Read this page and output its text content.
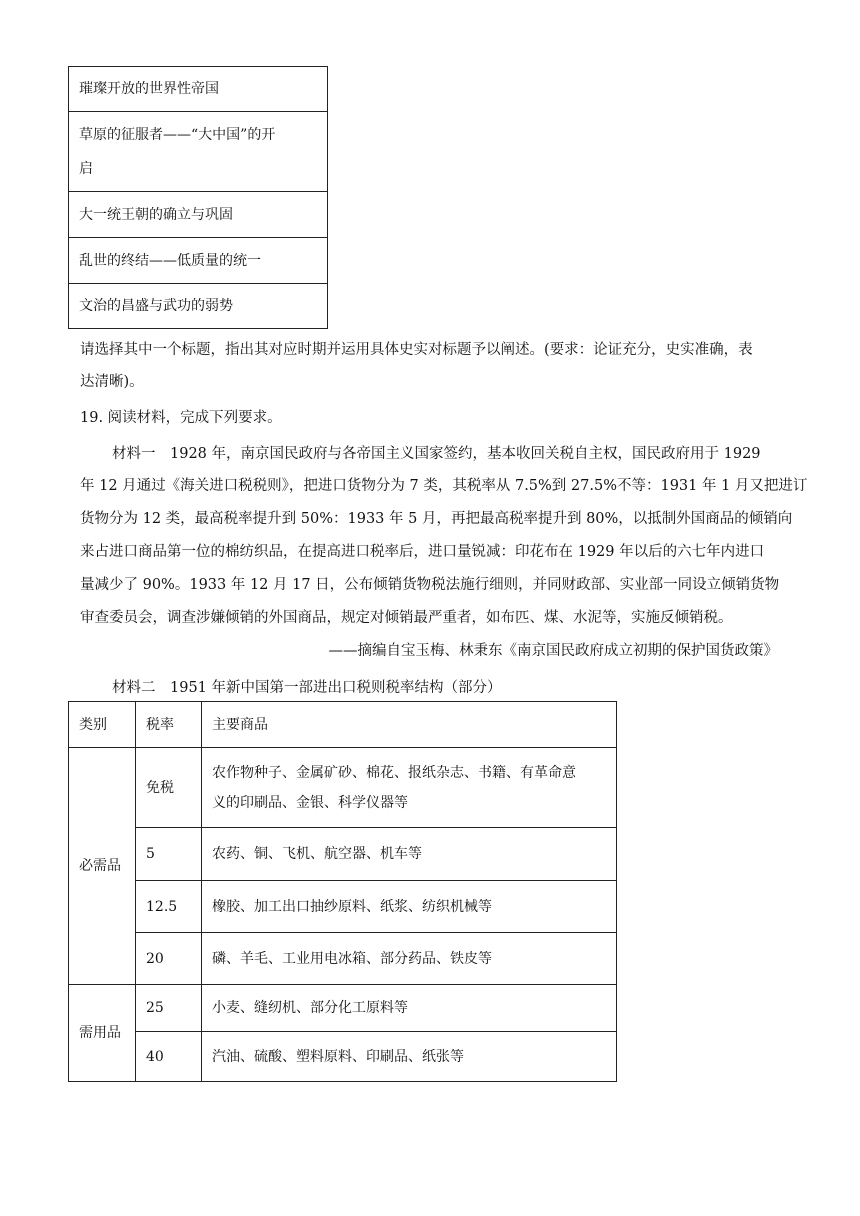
璀璨开放的世界性帝国

草原的征服者——“大中国”的开
启

大一统王朝的确立与巩固
乱世的终结——低质量的统一
文治的昌盛与武功的弱势
请选择其中一个标题，指出其对应时期并运用具体史实对标题予以阐述。(要求：论证充分，史实准确，表
达清晰)。
19. 阅读材料，完成下列要求。
材料一　1928 年，南京国民政府与各帝国主义国家签约，基本收回关税自主权，国民政府用于 1929
年 12 月通过《海关进口税税则》，把进口货物分为 7 类，其税率从 7.5%到 27.5%不等：1931 年 1 月又把进订
货物分为 12 类，最高税率提升到 50%：1933 年 5 月，再把最高税率提升到 80%，以抵制外国商品的倾销向
来占进口商品第一位的棉纺织品，在提高进口税率后，进口量锐减：印花布在 1929 年以后的六七年内进口
量减少了 90%。1933 年 12 月 17 日，公布倾销货物税法施行细则，并同财政部、实业部一同设立倾销货物
审查委员会，调查涉嫌倾销的外国商品，规定对倾销最严重者，如布匹、煤、水泥等，实施反倾销税。
——摘编自宝玉梅、林秉东《南京国民政府成立初期的保护国货政策》
材料二　1951 年新中国第一部进出口税则税率结构（部分）
类别	税率	主要商品
必需品	免税	农作物种子、金属矿砂、棉花、报纸杂志、书籍、有革命意
义的印刷品、金银、科学仪器等

	5	农药、铜、飞机、航空器、机车等
	12.5	橡胶、加工出口抽纱原料、纸浆、纺织机械等
	20	磷、羊毛、工业用电冰箱、部分药品、铁皮等
需用品	25	小麦、缝纫机、部分化工原料等
	40	汽油、硫酸、塑料原料、印刷品、纸张等
